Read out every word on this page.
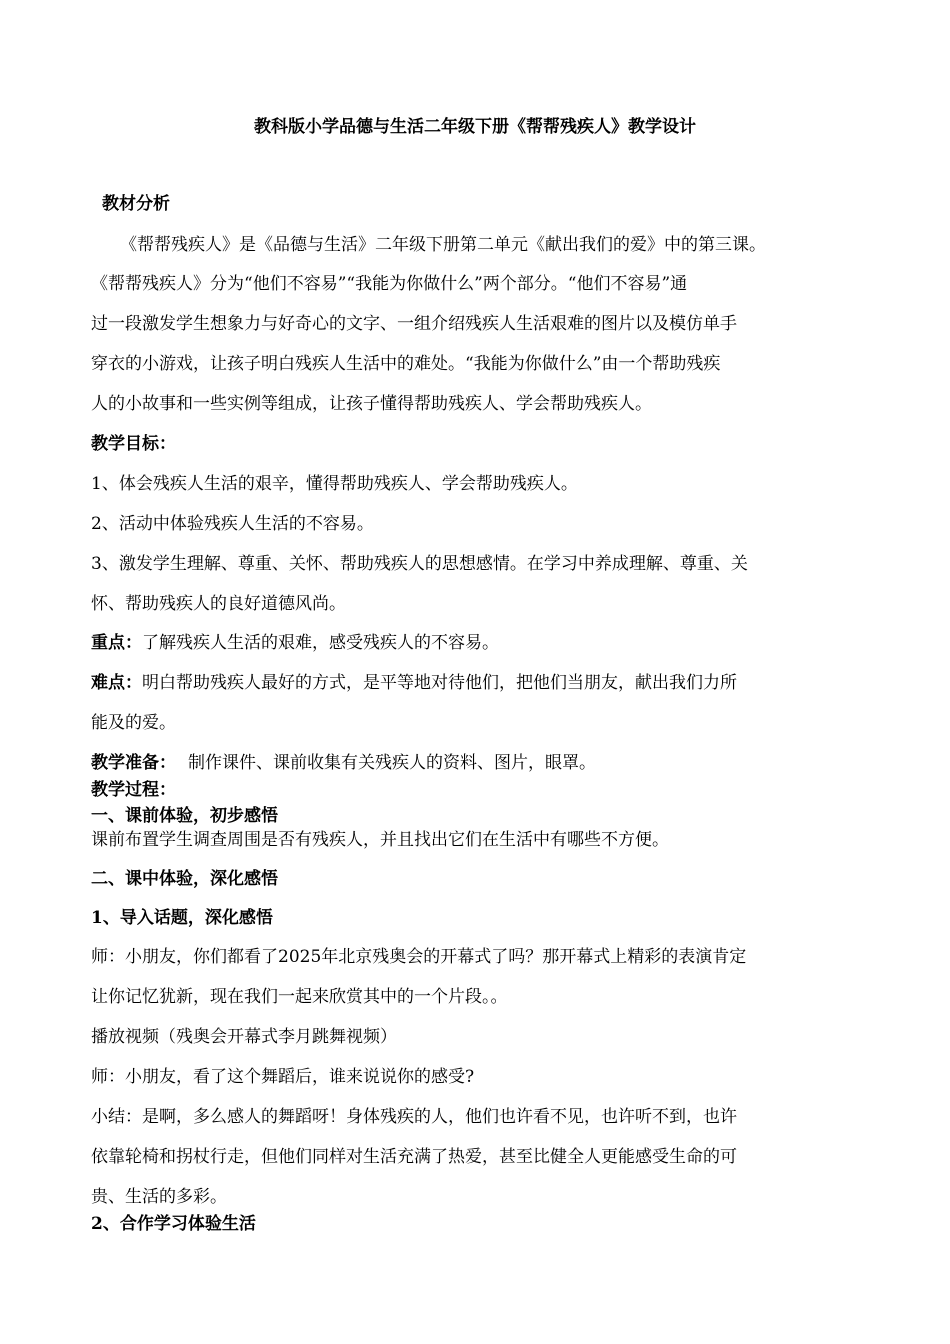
教科版小学品德与生活二年级下册《帮帮残疾人》教学设计
教材分析
《帮帮残疾人》是《品德与生活》二年级下册第二单元《献出我们的爱》中的第三课。
《帮帮残疾人》分为“他们不容易”“我能为你做什么”两个部分。“他们不容易”通
过一段激发学生想象力与好奇心的文字、一组介绍残疾人生活艰难的图片以及模仿单手
穿衣的小游戏，让孩子明白残疾人生活中的难处。“我能为你做什么”由一个帮助残疾
人的小故事和一些实例等组成，让孩子懂得帮助残疾人、学会帮助残疾人。
教学目标：
1、体会残疾人生活的艰辛，懂得帮助残疾人、学会帮助残疾人。
2、活动中体验残疾人生活的不容易。
3、激发学生理解、尊重、关怀、帮助残疾人的思想感情。在学习中养成理解、尊重、关
怀、帮助残疾人的良好道德风尚。
重点：了解残疾人生活的艰难，感受残疾人的不容易。
难点：明白帮助残疾人最好的方式，是平等地对待他们，把他们当朋友，献出我们力所
能及的爱。
教学准备： 制作课件、课前收集有关残疾人的资料、图片，眼罩。
教学过程：
一、课前体验，初步感悟
课前布置学生调查周围是否有残疾人，并且找出它们在生活中有哪些不方便。
二、课中体验，深化感悟
1、导入话题，深化感悟
师：小朋友，你们都看了2025年北京残奥会的开幕式了吗？那开幕式上精彩的表演肯定
让你记忆犹新，现在我们一起来欣赏其中的一个片段。。
播放视频（残奥会开幕式李月跳舞视频）
师：小朋友，看了这个舞蹈后，谁来说说你的感受?
小结：是啊，多么感人的舞蹈呀！身体残疾的人，他们也许看不见，也许听不到，也许
依靠轮椅和拐杖行走，但他们同样对生活充满了热爱，甚至比健全人更能感受生命的可
贵、生活的多彩。
2、合作学习体验生活
